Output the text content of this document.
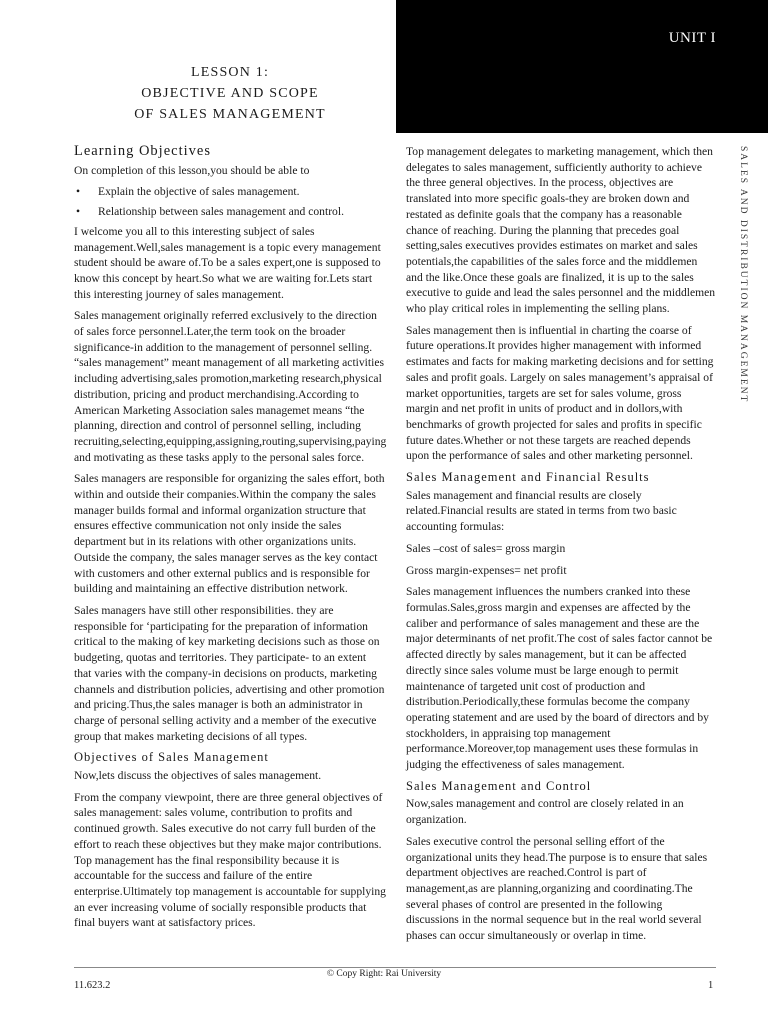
UNIT I
LESSON 1:
OBJECTIVE AND SCOPE
OF SALES MANAGEMENT
SALES AND DISTRIBUTION MANAGEMENT
Learning Objectives

On completion of this lesson,you should be able to

• Explain the objective of sales management.
• Relationship between sales management and control.

I welcome you all to this interesting subject of sales management.Well,sales management is a topic every management student should be aware of.To be a sales expert,one is supposed to know this concept by heart.So what we are waiting for.Lets start this interesting journey of sales management.

Sales management originally referred exclusively to the direction of sales force personnel.Later,the term took on the broader significance-in addition to the management of personnel selling. “sales management” meant management of all marketing activities including advertising,sales promotion,marketing research,physical distribution, pricing and product merchandising.According to American Marketing Association sales managemet means “the planning, direction and control of personnel selling, including recruiting,selecting,equipping,assigning,routing,supervising,paying and motivating as these tasks apply to the personal sales force.

Sales managers are responsible for organizing the sales effort, both within and outside their companies.Within the company the sales manager builds formal and informal organization structure that ensures effective communication not only inside the sales department but in its relations with other organizations units. Outside the company, the sales manager serves as the key contact with customers and other external publics and is responsible for building and maintaining an effective distribution network.

Sales managers have still other responsibilities. they are responsible for ‘participating for the preparation of information critical to the making of key marketing decisions such as those on budgeting, quotas and territories. They participate- to an extent that varies with the company-in decisions on products, marketing channels and distribution policies, advertising and other promotion and pricing.Thus,the sales manager is both an administrator in charge of personal selling activity and a member of the executive group that makes marketing decisions of all types.

Objectives of Sales Management

Now,lets discuss the objectives of sales management.

From the company viewpoint, there are three general objectives of sales management: sales volume, contribution to profits and continued growth. Sales executive do not carry full burden of the effort to reach these objectives but they make major contributions. Top management has the final responsibility because it is accountable for the success and failure of the entire enterprise.Ultimately top management is accountable for supplying an ever increasing volume of socially responsible products that final buyers want at satisfactory prices.

Top management delegates to marketing management, which then delegates to sales management, sufficiently authority to achieve the three general objectives. In the process, objectives are translated into more specific goals-they are broken down and restated as definite goals that the company has a reasonable chance of reaching. During the planning that precedes goal setting,sales executives provides estimates on market and sales potentials,the capabilities of the sales force and the middlemen and the like.Once these goals are finalized, it is up to the sales executive to guide and lead the sales personnel and the middlemen who play critical roles in implementing the selling plans.

Sales management then is influential in charting the coarse of future operations.It provides higher management with informed estimates and facts for making marketing decisions and for setting sales and profit goals. Largely on sales management’s appraisal of market opportunities, targets are set for sales volume, gross margin and net profit in units of product and in dollors,with benchmarks of growth projected for sales and profits in specific future dates.Whether or not these targets are reached depends upon the performance of sales and other marketing personnel.

Sales Management and Financial Results

Sales management and financial results are closely related.Financial results are stated in terms from two basic accounting formulas:

Sales –cost of sales= gross margin

Gross margin-expenses= net profit

Sales management influences the numbers cranked into these formulas.Sales,gross margin and expenses are affected by the caliber and performance of sales management and these are the major determinants of net profit.The cost of sales factor cannot be affected directly by sales management, but it can be affected directly since sales volume must be large enough to permit maintenance of targeted unit cost of production and distribution.Periodically,these formulas become the company operating statement and are used by the board of directors and by stockholders, in appraising top management performance.Moreover,top management uses these formulas in judging the effectiveness of sales management.

Sales Management and Control

Now,sales management and control are closely related in an organization.

Sales executive control the personal selling effort of the organizational units they head.The purpose is to ensure that sales department objectives are reached.Control is part of management,as are planning,organizing and coordinating.The several phases of control are presented in the following discussions in the normal sequence but in the real world several phases can occur simultaneously or overlap in time.

© Copy Right: Rai University
11.623.2	1
